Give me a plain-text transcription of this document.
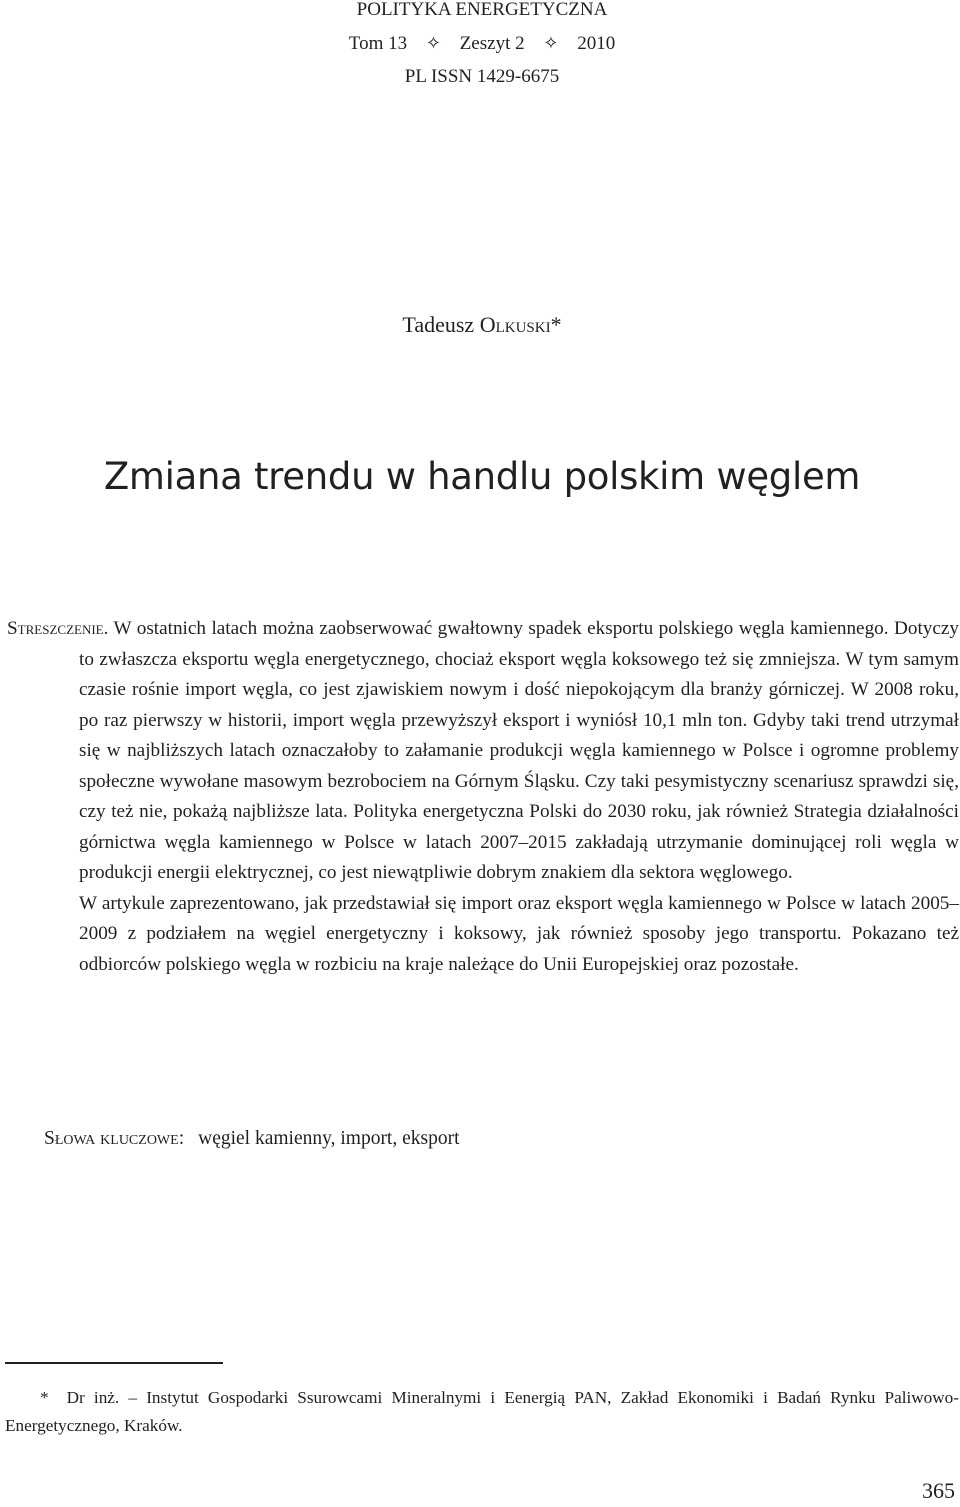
POLITYKA ENERGETYCZNA
Tom 13 ✧ Zeszyt 2 ✧ 2010
PL ISSN 1429-6675
Tadeusz Olkuski*
Zmiana trendu w handlu polskim węglem

Streszczenie. W ostatnich latach można zaobserwować gwałtowny spadek eksportu polskiego węgla kamiennego. Dotyczy to zwłaszcza eksportu węgla energetycznego, chociaż eksport węgla koksowego też się zmniejsza. W tym samym czasie rośnie import węgla, co jest zjawiskiem nowym i dość niepokojącym dla branży górniczej. W 2008 roku, po raz pierwszy w historii, import węgla przewyższył eksport i wyniósł 10,1 mln ton. Gdyby taki trend utrzymał się w najbliższych latach oznaczałoby to załamanie produkcji węgla kamiennego w Polsce i ogromne problemy społeczne wywołane masowym bezrobociem na Górnym Śląsku. Czy taki pesymistyczny scenariusz sprawdzi się, czy też nie, pokażą najbliższe lata. Polityka energetyczna Polski do 2030 roku, jak również Strategia działalności górnictwa węgla kamiennego w Polsce w latach 2007–2015 zakładają utrzymanie dominującej roli węgla w produkcji energii elektrycznej, co jest niewątpliwie dobrym znakiem dla sektora węglowego.

W artykule zaprezentowano, jak przedstawiał się import oraz eksport węgla kamiennego w Polsce w latach 2005–2009 z podziałem na węgiel energetyczny i koksowy, jak również sposoby jego transportu. Pokazano też odbiorców polskiego węgla w rozbiciu na kraje należące do Unii Europejskiej oraz pozostałe.

Słowa kluczowe: węgiel kamienny, import, eksport

* Dr inż. – Instytut Gospodarki Ssurowcami Mineralnymi i Eenergią PAN, Zakład Ekonomiki i Badań Rynku Paliwowo-Energetycznego, Kraków.

365
